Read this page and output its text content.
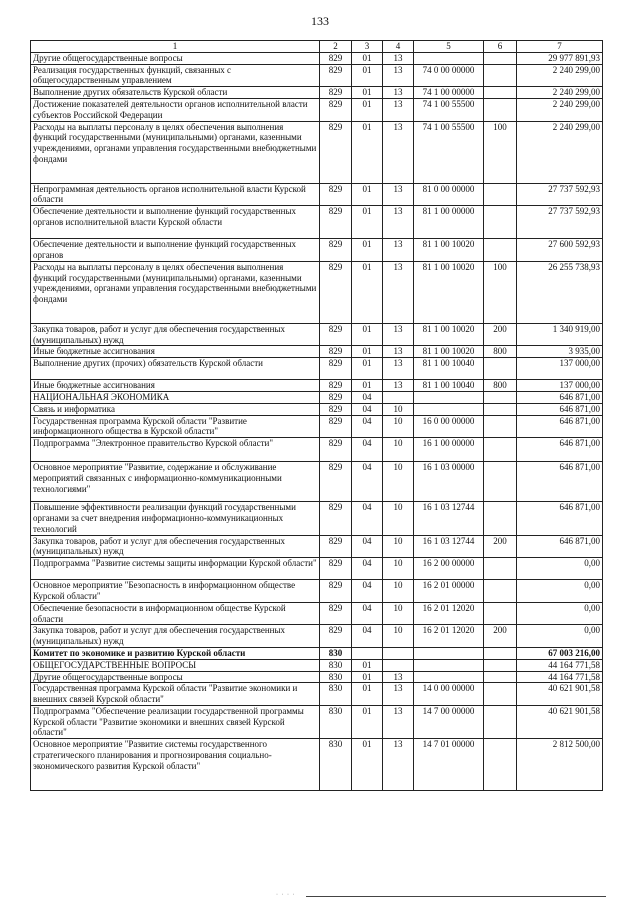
133
1	2	3	4	5	6	7
Другие общегосударственные вопросы	829	01	13			29 977 891,93
Реализация государственных функций, связанных с общегосударственным управлением	829	01	13	74 0 00 00000		2 240 299,00
Выполнение других обязательств Курской области	829	01	13	74 1 00 00000		2 240 299,00
Достижение показателей деятельности органов исполнительной власти субъектов Российской Федерации	829	01	13	74 1 00 55500		2 240 299,00
Расходы на выплаты персоналу в целях обеспечения выполнения функций государственными (муниципальными) органами, казенными учреждениями, органами управления государственными внебюджетными фондами	829	01	13	74 1 00 55500	100	2 240 299,00
Непрограммная деятельность органов исполнительной власти Курской области	829	01	13	81 0 00 00000		27 737 592,93
Обеспечение деятельности и выполнение функций государственных органов исполнительной власти Курской области	829	01	13	81 1 00 00000		27 737 592,93
Обеспечение деятельности и выполнение функций государственных органов	829	01	13	81 1 00 10020		27 600 592,93
Расходы на выплаты персоналу в целях обеспечения выполнения функций государственными (муниципальными) органами, казенными учреждениями, органами управления государственными внебюджетными фондами	829	01	13	81 1 00 10020	100	26 255 738,93
Закупка товаров, работ и услуг для обеспечения государственных (муниципальных) нужд	829	01	13	81 1 00 10020	200	1 340 919,00
Иные бюджетные ассигнования	829	01	13	81 1 00 10020	800	3 935,00
Выполнение других (прочих) обязательств Курской области	829	01	13	81 1 00 10040		137 000,00
Иные бюджетные ассигнования	829	01	13	81 1 00 10040	800	137 000,00
НАЦИОНАЛЬНАЯ ЭКОНОМИКА	829	04				646 871,00
Связь и информатика	829	04	10			646 871,00
Государственная программа Курской области "Развитие информационного общества в Курской области"	829	04	10	16 0 00 00000		646 871,00
Подпрограмма "Электронное правительство Курской области"	829	04	10	16 1 00 00000		646 871,00
Основное мероприятие "Развитие, содержание и обслуживание мероприятий связанных с информационно-коммуникационными технологиями"	829	04	10	16 1 03 00000		646 871,00
Повышение эффективности реализации функций государственными органами за счет внедрения информационно-коммуникационных технологий	829	04	10	16 1 03 12744		646 871,00
Закупка товаров, работ и услуг для обеспечения государственных (муниципальных) нужд	829	04	10	16 1 03 12744	200	646 871,00
Подпрограмма "Развитие системы защиты информации Курской области"	829	04	10	16 2 00 00000		0,00
Основное мероприятие "Безопасность в информационном обществе Курской области"	829	04	10	16 2 01 00000		0,00
Обеспечение безопасности в информационном обществе Курской области	829	04	10	16 2 01 12020		0,00
Закупка товаров, работ и услуг для обеспечения государственных (муниципальных) нужд	829	04	10	16 2 01 12020	200	0,00
Комитет по экономике и развитию Курской области	830					67 003 216,00
ОБЩЕГОСУДАРСТВЕННЫЕ ВОПРОСЫ	830	01				44 164 771,58
Другие общегосударственные вопросы	830	01	13			44 164 771,58
Государственная программа Курской области "Развитие экономики и внешних связей Курской области"	830	01	13	14 0 00 00000		40 621 901,58
Подпрограмма "Обеспечение реализации государственной программы Курской области "Развитие экономики и внешних связей Курской области"	830	01	13	14 7 00 00000		40 621 901,58
Основное мероприятие "Развитие системы государственного стратегического планирования и прогнозирования социально-экономического развития Курской области"	830	01	13	14 7 01 00000		2 812 500,00
· · · ·
